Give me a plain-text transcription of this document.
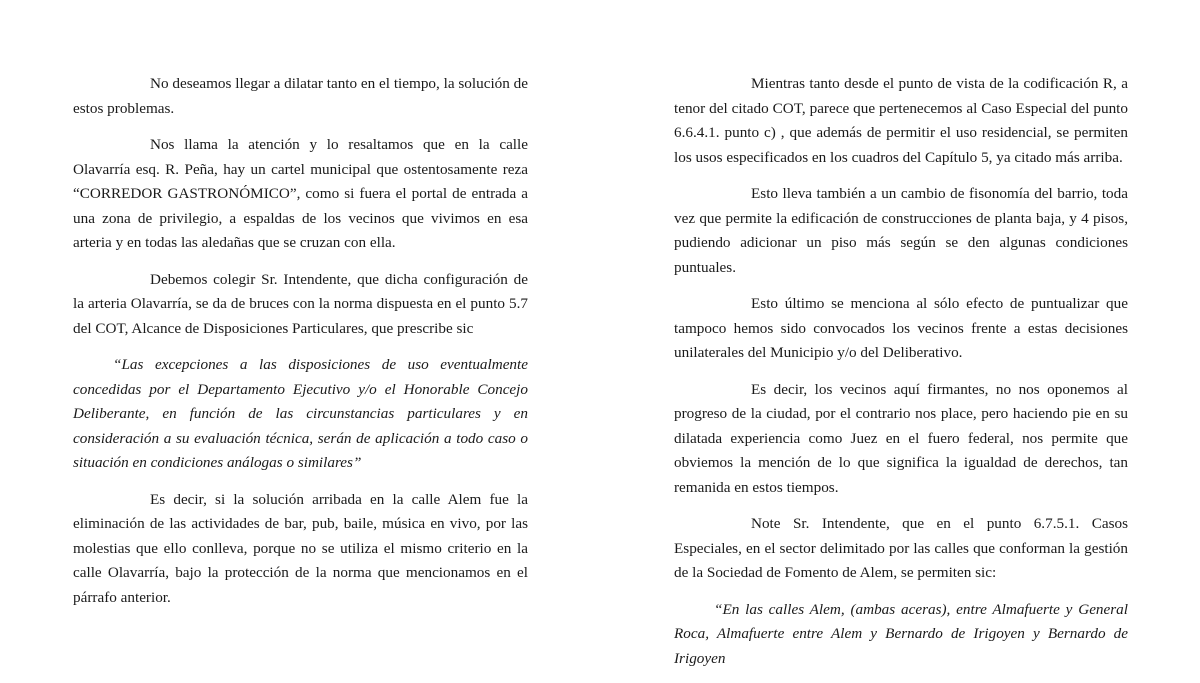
No deseamos llegar a dilatar tanto en el tiempo, la solución de estos problemas.

Nos llama la atención y lo resaltamos que en la calle Olavarría esq. R. Peña, hay un cartel municipal que ostentosamente reza “CORREDOR GASTRONÓMICO”, como si fuera el portal de entrada a una zona de privilegio, a espaldas de los vecinos que vivimos en esa arteria y en todas las aledañas que se cruzan con ella.

Debemos colegir Sr. Intendente, que dicha configuración de la arteria Olavarría, se da de bruces con la norma dispuesta en el punto 5.7 del COT, Alcance de Disposiciones Particulares, que prescribe sic

“Las excepciones a las disposiciones de uso eventualmente concedidas por el Departamento Ejecutivo y/o el Honorable Concejo Deliberante, en función de las circunstancias particulares y en consideración a su evaluación técnica, serán de aplicación a todo caso o situación en condiciones análogas o similares”

Es decir, si la solución arribada en la calle Alem fue la eliminación de las actividades de bar, pub, baile, música en vivo, por las molestias que ello conlleva, porque no se utiliza el mismo criterio en la calle Olavarría, bajo la protección de la norma que mencionamos en el párrafo anterior.

Mientras tanto desde el punto de vista de la codificación R, a tenor del citado COT, parece que pertenecemos al Caso Especial del punto 6.6.4.1. punto c) , que además de permitir el uso residencial, se permiten los usos especificados en los cuadros del Capítulo 5, ya citado más arriba.

Esto lleva también a un cambio de fisonomía del barrio, toda vez que permite la edificación de construcciones de planta baja, y 4 pisos, pudiendo adicionar un piso más según se den algunas condiciones puntuales.

Esto último se menciona al sólo efecto de puntualizar que tampoco hemos sido convocados los vecinos frente a estas decisiones unilaterales del Municipio y/o del Deliberativo.

Es decir, los vecinos aquí firmantes, no nos oponemos al progreso de la ciudad, por el contrario nos place, pero haciendo pie en su dilatada experiencia como Juez en el fuero federal, nos permite que obviemos la mención de lo que significa la igualdad de derechos, tan remanida en estos tiempos.

Note Sr. Intendente, que en el punto 6.7.5.1. Casos Especiales, en el sector delimitado por las calles que conforman la gestión de la Sociedad de Fomento de Alem, se permiten sic:

“En las calles Alem, (ambas aceras), entre Almafuerte y General Roca, Almafuerte entre Alem y Bernardo de Irigoyen y Bernardo de Irigoyen
